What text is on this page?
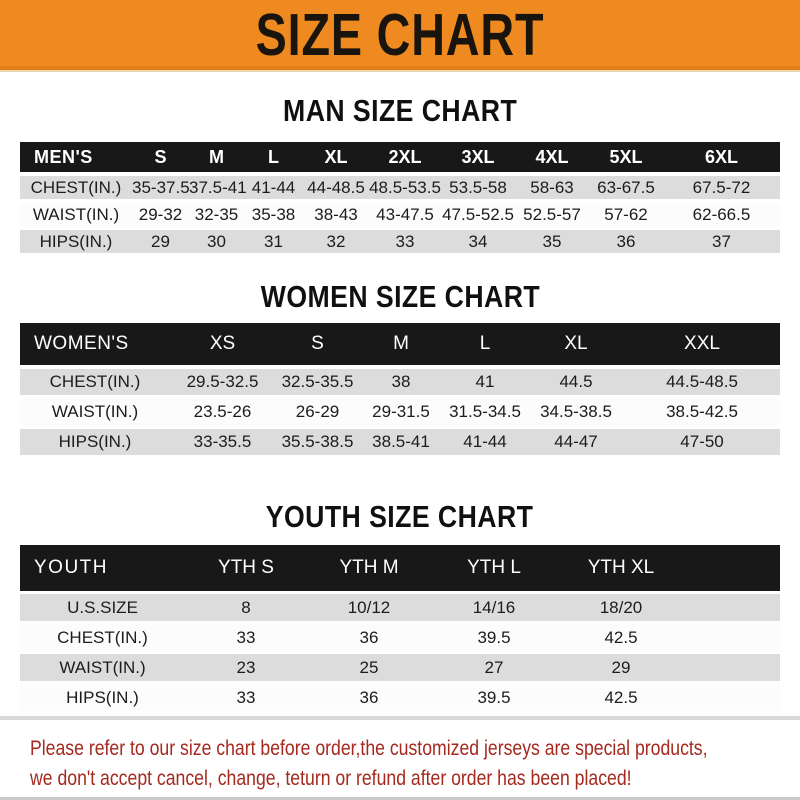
SIZE CHART
MAN SIZE CHART
MEN'S	S	M	L	XL	2XL	3XL	4XL	5XL	6XL
CHEST(IN.) 35-37.5 37.5-41 41-44 44-48.5 48.5-53.5 53.5-58	58-63	63-67.5	67.5-72
WAIST(IN.)	29-32 32-35 35-38	38-43	43-47.5 47.5-52.5 52.5-57	57-62	62-66.5
HIPS(IN.)	29	30	31	32	33	34	35	36	37
WOMEN SIZE CHART
WOMEN'S	XS	S	M	L	XL	XXL
CHEST(IN.)	29.5-32.5	32.5-35.5	38	41	44.5	44.5-48.5
WAIST(IN.)	23.5-26	26-29	29-31.5	31.5-34.5	34.5-38.5	38.5-42.5
HIPS(IN.)	33-35.5	35.5-38.5	38.5-41	41-44	44-47	47-50
YOUTH SIZE CHART
YOUTH	YTH S	YTH M	YTH L	YTH XL
U.S.SIZE	8	10/12	14/16	18/20
CHEST(IN.)	33	36	39.5	42.5
WAIST(IN.)	23	25	27	29
HIPS(IN.)	33	36	39.5	42.5
Please refer to our size chart before order,the customized jerseys are special products,
we don't accept cancel, change, teturn or refund after order has been placed!
